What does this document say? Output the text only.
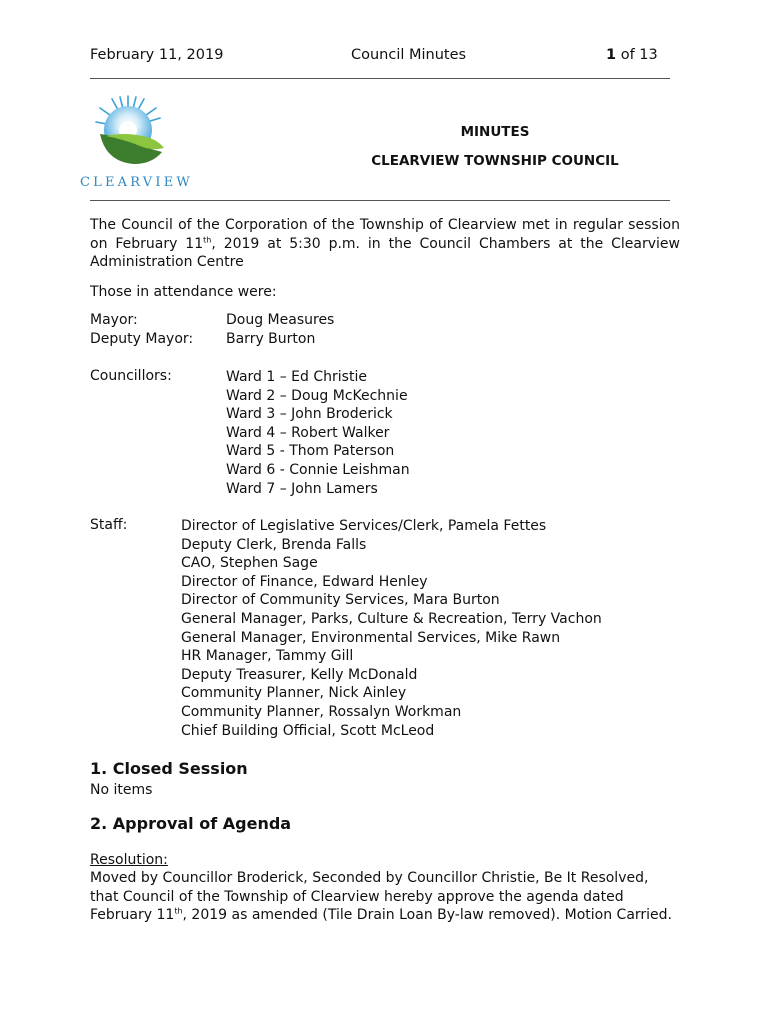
February 11, 2019	Council Minutes	1 of 13
CLEARVIEW
MINUTES
CLEARVIEW TOWNSHIP COUNCIL
The Council of the Corporation of the Township of Clearview met in regular session on February 11th, 2019 at 5:30 p.m. in the Council Chambers at the Clearview Administration Centre
Those in attendance were:
Mayor:	Doug Measures
Deputy Mayor: Barry Burton
Councillors:	Ward 1 – Ed Christie
Ward 2 – Doug McKechnie
Ward 3 – John Broderick
Ward 4 – Robert Walker
Ward 5 - Thom Paterson
Ward 6 - Connie Leishman
Ward 7 – John Lamers
Staff:	Director of Legislative Services/Clerk, Pamela Fettes
Deputy Clerk, Brenda Falls
CAO, Stephen Sage
Director of Finance, Edward Henley
Director of Community Services, Mara Burton
General Manager, Parks, Culture & Recreation, Terry Vachon
General Manager, Environmental Services, Mike Rawn
HR Manager, Tammy Gill
Deputy Treasurer, Kelly McDonald
Community Planner, Nick Ainley
Community Planner, Rossalyn Workman
Chief Building Official, Scott McLeod
1. Closed Session
No items
2. Approval of Agenda
Resolution:
Moved by Councillor Broderick, Seconded by Councillor Christie, Be It Resolved, that Council of the Township of Clearview hereby approve the agenda dated February 11th, 2019 as amended (Tile Drain Loan By-law removed). Motion Carried.
